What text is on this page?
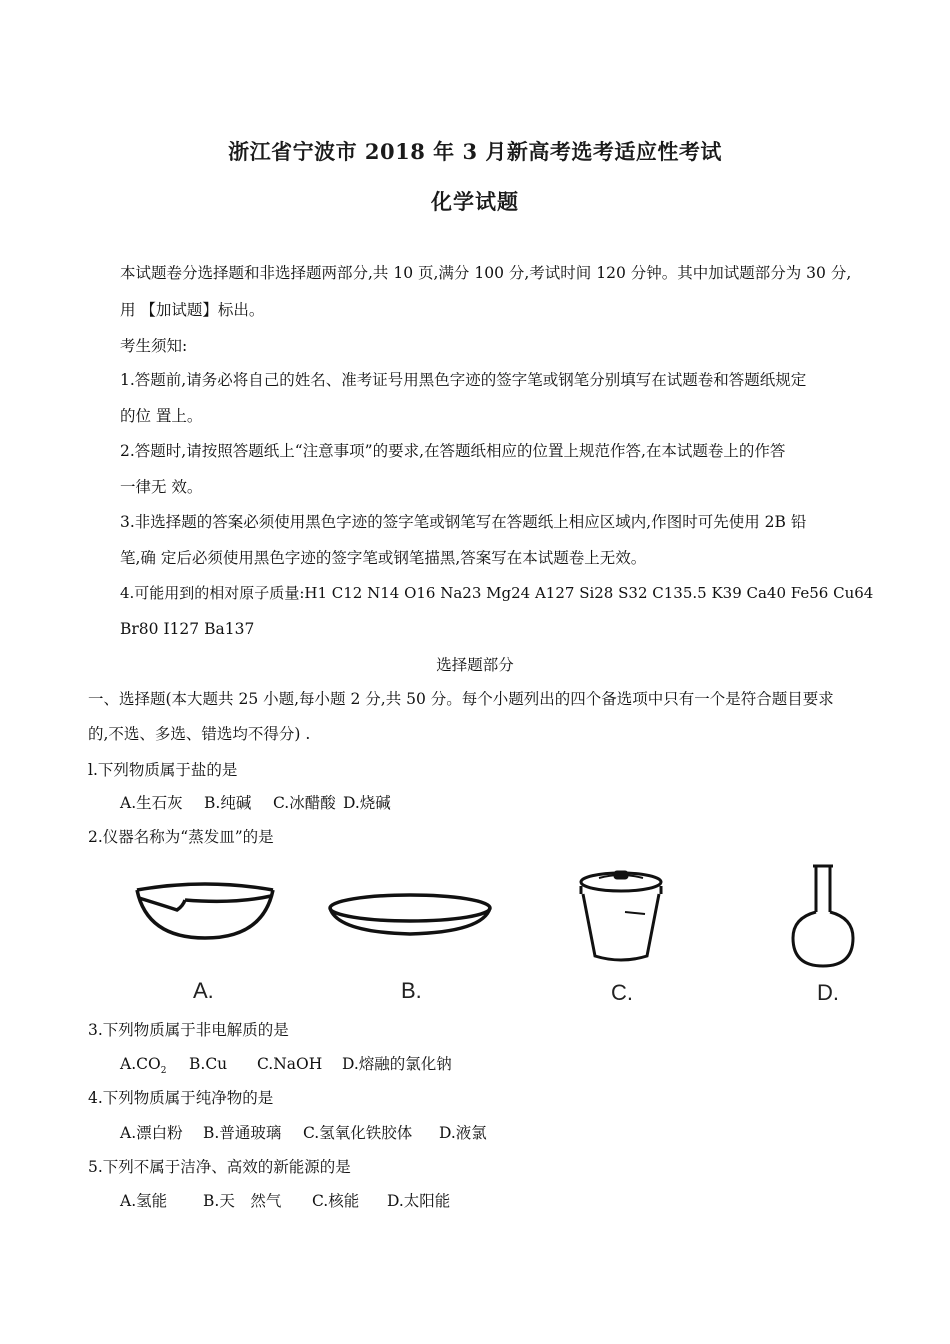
浙江省宁波市 2018 年 3 月新高考选考适应性考试
化学试题
本试题卷分选择题和非选择题两部分,共 10 页,满分 100 分,考试时间 120 分钟。其中加试题部分为 30 分,
用 【加试题】标出。
考生须知:
1.答题前,请务必将自己的姓名、准考证号用黑色字迹的签字笔或钢笔分别填写在试题卷和答题纸规定
的位 置上。
2.答题时,请按照答题纸上“注意事项”的要求,在答题纸相应的位置上规范作答,在本试题卷上的作答
一律无 效。
3.非选择题的答案必须使用黑色字迹的签字笔或钢笔写在答题纸上相应区域内,作图时可先使用 2B 铅
笔,确 定后必须使用黑色字迹的签字笔或钢笔描黑,答案写在本试题卷上无效。
4.可能用到的相对原子质量:H1 C12 N14 O16 Na23 Mg24 A127 Si28 S32 C135.5 K39 Ca40 Fe56 Cu64
Br80 I127 Ba137
选择题部分
一、选择题(本大题共 25 小题,每小题 2 分,共 50 分。每个小题列出的四个备选项中只有一个是符合题目要求
的,不选、多选、错选均不得分) .
l.下列物质属于盐的是
A.生石灰 B.纯碱 C.冰醋酸 D.烧碱
2.仪器名称为“蒸发皿”的是
A.	B.	C.	D.
3.下列物质属于非电解质的是
$A.CO_2$ B.Cu C.NaOH D.熔融的氯化钠
4.下列物质属于纯净物的是
A.漂白粉 B.普通玻璃 C.氢氧化铁胶体 D.液氯
5.下列不属于洁净、高效的新能源的是
A.氢能 B.天　然气 C.核能 D.太阳能
